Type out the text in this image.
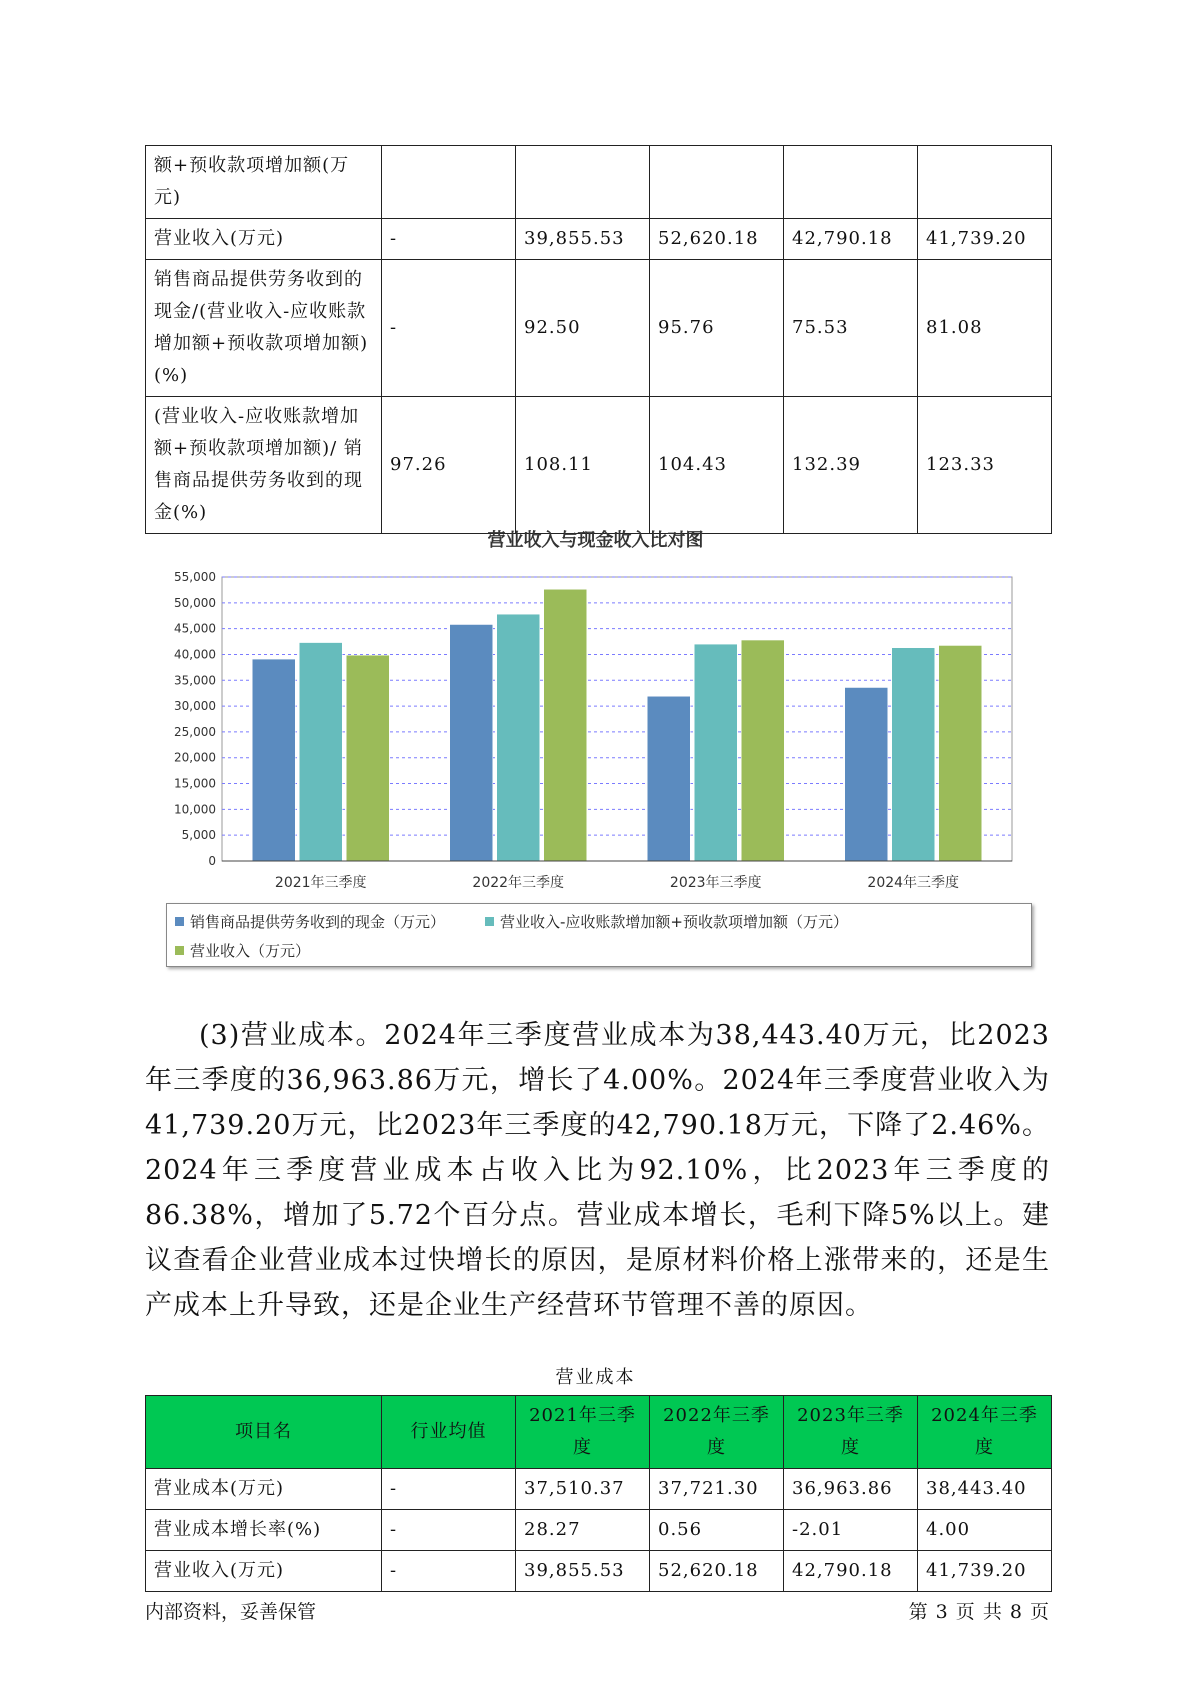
额+预收款项增加额(万元)					
营业收入(万元)	-	39,855.53	52,620.18	42,790.18	41,739.20
销售商品提供劳务收到的现金/(营业收入-应收账款增加额+预收款项增加额)(%)	-	92.50	95.76	75.53	81.08
(营业收入-应收账款增加额+预收款项增加额)/ 销售商品提供劳务收到的现金(%)	97.26	108.11	104.43	132.39	123.33
营业收入与现金收入比对图
0
5,000
10,000
15,000
20,000
25,000
30,000
35,000
40,000
45,000
50,000
55,000
2021年三季度	2022年三季度	2023年三季度	2024年三季度
销售商品提供劳务收到的现金（万元）	营业收入-应收账款增加额+预收款项增加额（万元）
营业收入（万元）

(3)营业成本。2024年三季度营业成本为38,443.40万元，比2023年三季度的36,963.86万元，增长了4.00%。2024年三季度营业收入为41,739.20万元，比2023年三季度的42,790.18万元，下降了2.46%。2024年三季度营业成本占收入比为92.10%，比2023年三季度的86.38%，增加了5.72个百分点。营业成本增长，毛利下降5%以上。建议查看企业营业成本过快增长的原因，是原材料价格上涨带来的，还是生产成本上升导致，还是企业生产经营环节管理不善的原因。

营业成本
项目名	行业均值	2021年三季度	2022年三季度	2023年三季度	2024年三季度
营业成本(万元)	-	37,510.37	37,721.30	36,963.86	38,443.40
营业成本增长率(%)	-	28.27	0.56	-2.01	4.00
营业收入(万元)	-	39,855.53	52,620.18	42,790.18	41,739.20
内部资料，妥善保管	第 3 页 共 8 页
